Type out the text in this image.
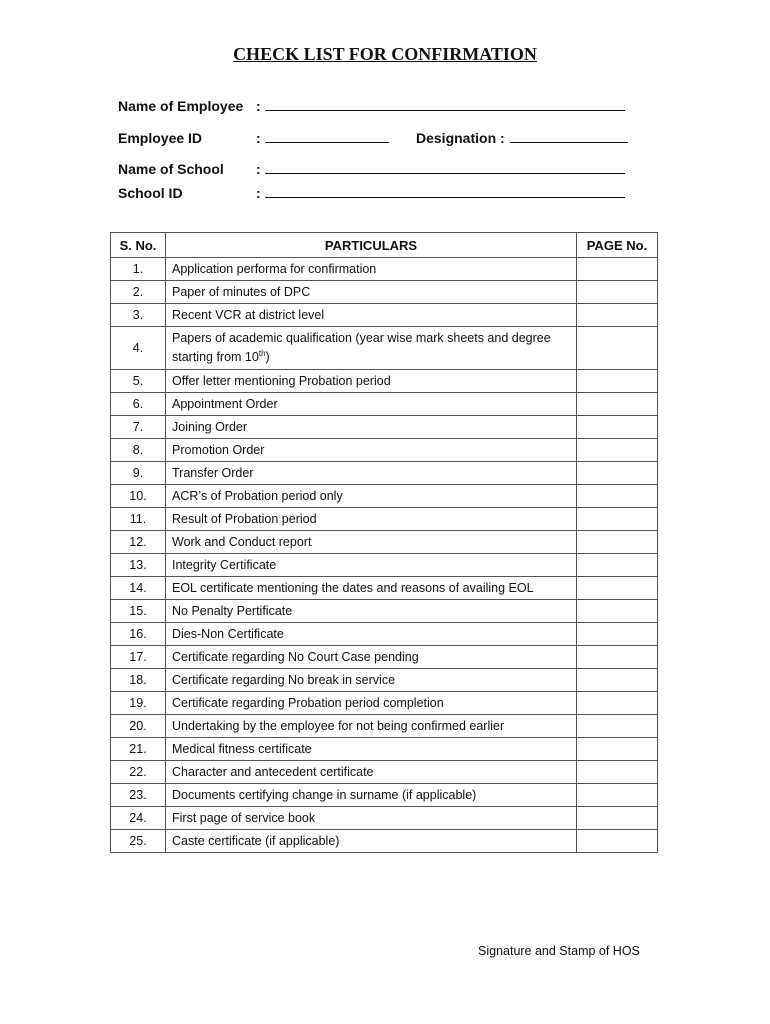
CHECK LIST FOR CONFIRMATION
Name of Employee :
Employee ID	:	Designation :
Name of School :
School ID	:
S. No.	PARTICULARS	PAGE No.
1.	Application performa for confirmation	
2.	Paper of minutes of DPC	
3.	Recent VCR at district level	
4.	Papers of academic qualification (year wise mark sheets and degree
starting from 10th)	

5.	Offer letter mentioning Probation period	
6.	Appointment Order	
7.	Joining Order	
8.	Promotion Order	
9.	Transfer Order	
10.	ACR’s of Probation period only	
11.	Result of Probation period	
12.	Work and Conduct report	
13.	Integrity Certificate	
14.	EOL certificate mentioning the dates and reasons of availing EOL	
15.	No Penalty Pertificate	
16.	Dies-Non Certificate	
17.	Certificate regarding No Court Case pending	
18.	Certificate regarding No break in service	
19.	Certificate regarding Probation period completion	
20.	Undertaking by the employee for not being confirmed earlier	
21.	Medical fitness certificate	
22.	Character and antecedent certificate	
23.	Documents certifying change in surname (if applicable)	
24.	First page of service book	
25.	Caste certificate (if applicable)	
Signature and Stamp of HOS
